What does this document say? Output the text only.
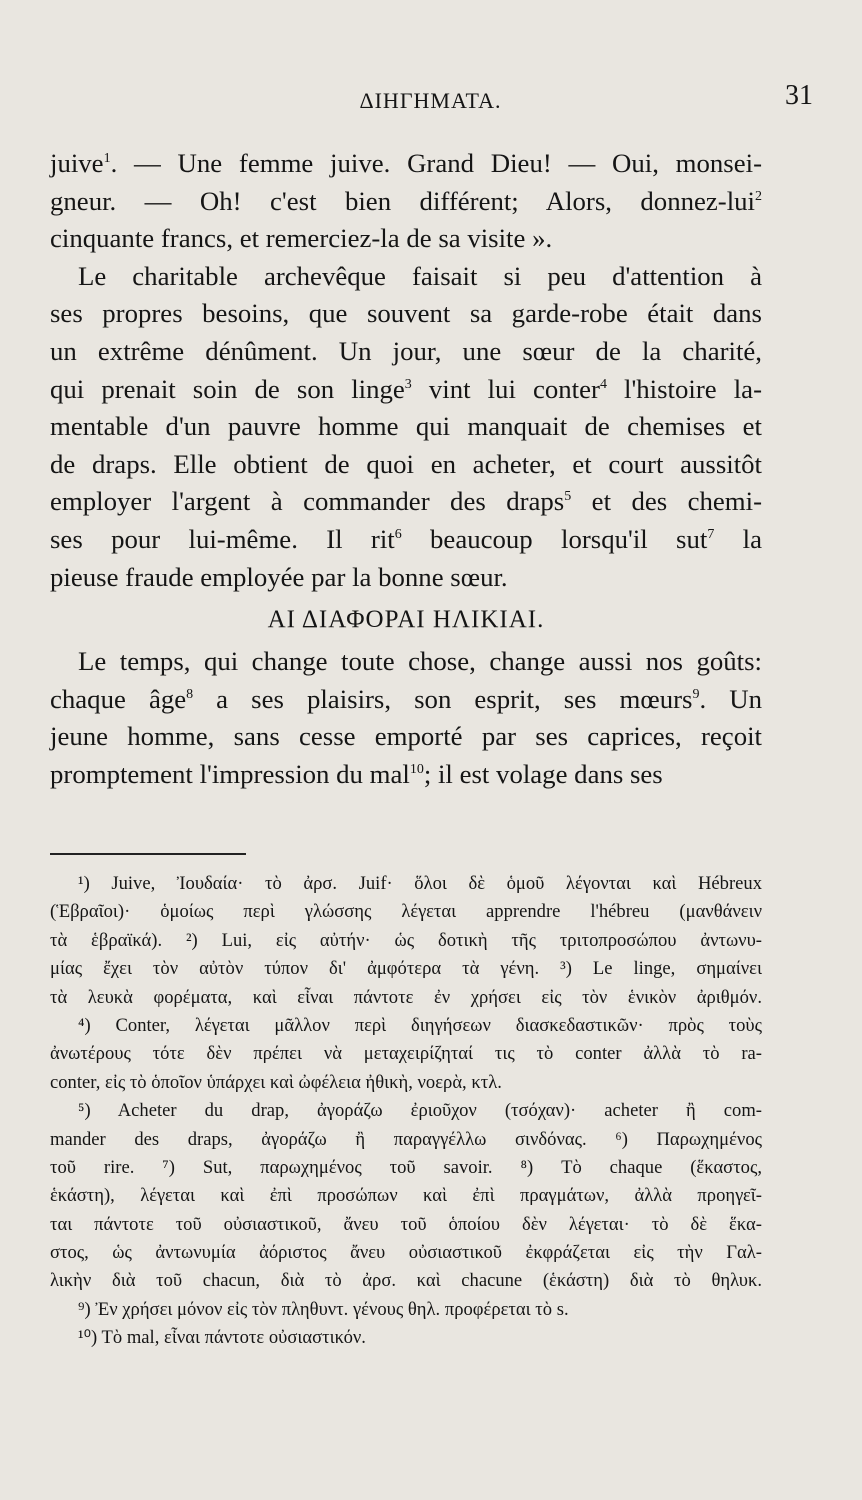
ΔΙΗΓΗΜΑΤΑ.	31
juive$^1$. — Une femme juive. Grand Dieu! — Oui, monsei-
gneur. — Oh! c'est bien différent; Alors, donnez-lui$^2$
cinquante francs, et remerciez-la de sa visite ».
Le charitable archevêque faisait si peu d'attention à
ses propres besoins, que souvent sa garde-robe était dans
un extrême dénûment. Un jour, une sœur de la charité,
qui prenait soin de son linge$^3$ vint lui conter$^4$ l'histoire la-
mentable d'un pauvre homme qui manquait de chemises et
de draps. Elle obtient de quoi en acheter, et court aussitôt
employer l'argent à commander des draps$^5$ et des chemi-
ses pour lui-même. Il rit$^6$ beaucoup lorsqu'il sut$^7$ la
pieuse fraude employée par la bonne sœur.
ΑΙ ΔΙΑΦΟΡΑΙ ΗΛΙΚΙΑΙ.
Le temps, qui change toute chose, change aussi nos goûts:
chaque âge$^8$ a ses plaisirs, son esprit, ses mœurs$^9$. Un
jeune homme, sans cesse emporté par ses caprices, reçoit
promptement l'impression du mal$^{10}$; il est volage dans ses
¹) Juive, Ἰουδαία· τὸ ἀρσ. Juif· ὅλοι δὲ ὁμοῦ λέγονται καὶ Hébreux
(Ἑβραῖοι)· ὁμοίως περὶ γλώσσης λέγεται apprendre l'hébreu (μανθάνειν
τὰ ἑβραϊκά). ²) Lui, εἰς αὐτήν· ὡς δοτικὴ τῆς τριτοπροσώπου ἀντωνυ-
μίας ἔχει τὸν αὐτὸν τύπον δι' ἀμφότερα τὰ γένη. ³) Le linge, σημαίνει
τὰ λευκὰ φορέματα, καὶ εἶναι πάντοτε ἐν χρήσει εἰς τὸν ἑνικὸν ἀριθμόν.
⁴) Conter, λέγεται μᾶλλον περὶ διηγήσεων διασκεδαστικῶν· πρὸς τοὺς
ἀνωτέρους τότε δὲν πρέπει νὰ μεταχειρίζηταί τις τὸ conter ἀλλὰ τὸ ra-
conter, εἰς τὸ ὁποῖον ὑπάρχει καὶ ὠφέλεια ἠθικὴ, νοερὰ, κτλ.
⁵) Acheter du drap, ἀγοράζω ἐριοῦχον (τσόχαν)· acheter ἢ com-
mander des draps, ἀγοράζω ἢ παραγγέλλω σινδόνας. ⁶) Παρωχημένος
τοῦ rire. ⁷) Sut, παρωχημένος τοῦ savoir. ⁸) Τὸ chaque (ἕκαστος,
ἑκάστη), λέγεται καὶ ἐπὶ προσώπων καὶ ἐπὶ πραγμάτων, ἀλλὰ προηγεῖ-
ται πάντοτε τοῦ οὐσιαστικοῦ, ἄνευ τοῦ ὁποίου δὲν λέγεται· τὸ δὲ ἕκα-
στος, ὡς ἀντωνυμία ἀόριστος ἄνευ οὐσιαστικοῦ ἐκφράζεται εἰς τὴν Γαλ-
λικὴν διὰ τοῦ chacun, διὰ τὸ ἀρσ. καὶ chacune (ἑκάστη) διὰ τὸ θηλυκ.
⁹) Ἐν χρήσει μόνον εἰς τὸν πληθυντ. γένους θηλ. προφέρεται τὸ s.
¹⁰) Τὸ mal, εἶναι πάντοτε οὐσιαστικόν.
